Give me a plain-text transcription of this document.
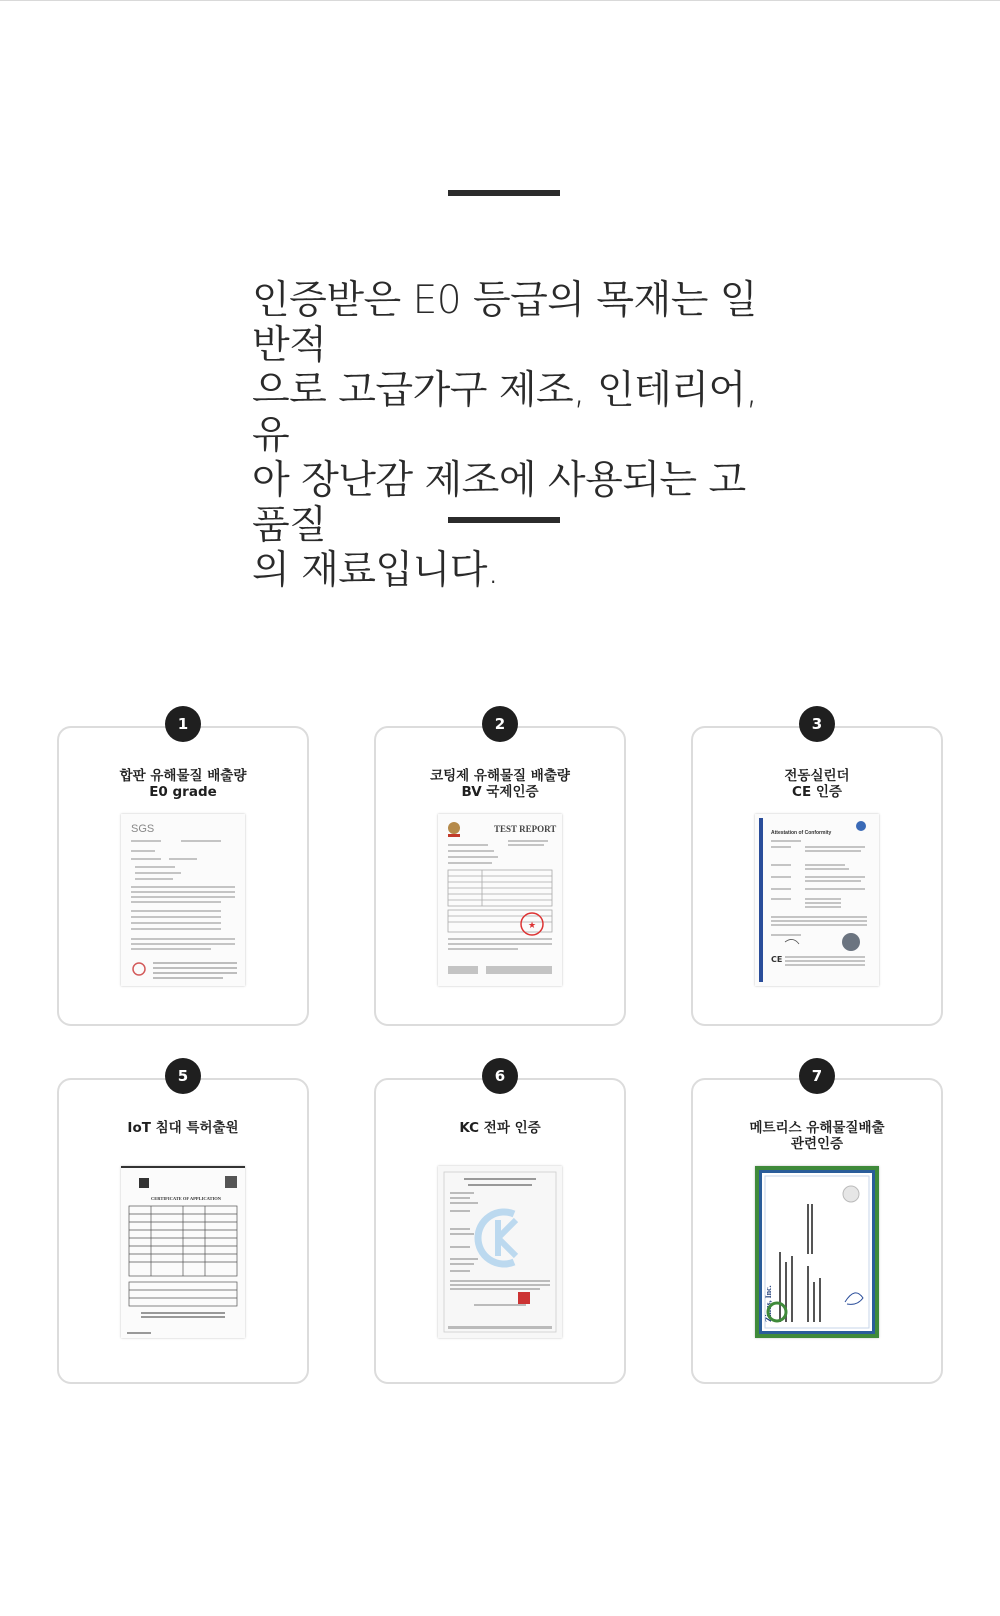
인증받은 E0 등급의 목재는 일반적
으로 고급가구 제조, 인테리어, 유
아 장난감 제조에 사용되는 고품질
의 재료입니다.

1

합판 유해물질 배출량
E0 grade

SGS
2

코팅제 유해물질 배출량
BV 국제인증

TEST REPORT
★
3

전동실린더
CE 인증

Attestation of Conformity
CE
5

IoT 침대 특허출원

CERTIFICATE OF APPLICATION
6

KC 전파 인증

7

메트리스 유해물질배출
관련인증

Zinus, Inc.
